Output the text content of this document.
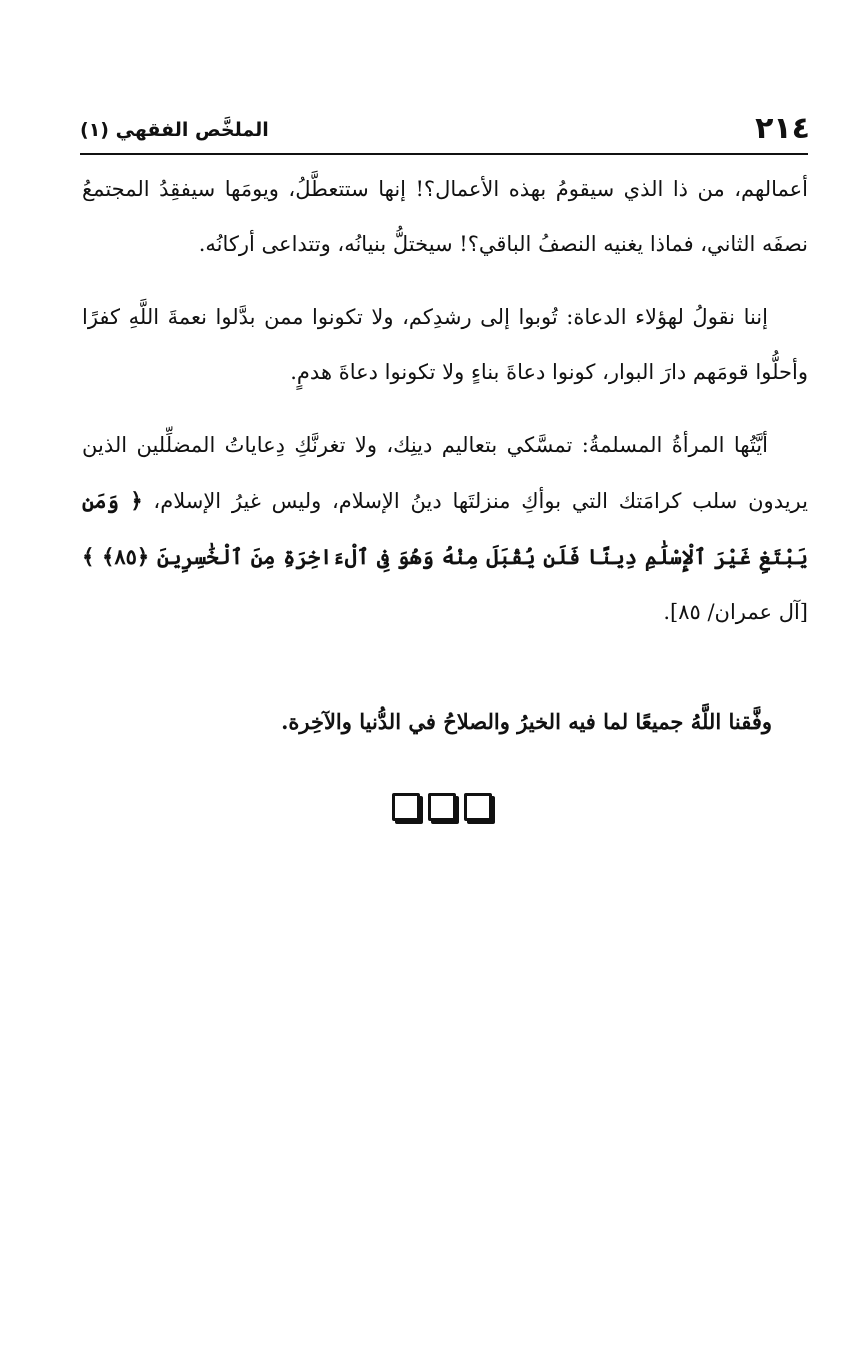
٢١٤
الملخَّص الفقهي (١)

أعمالهم، من ذا الذي سيقومُ بهذه الأعمال؟! إنها ستتعطَّلُ، ويومَها سيفقِدُ المجتمعُ نصفَه الثاني، فماذا يغنيه النصفُ الباقي؟! سيختلُّ بنيانُه، وتتداعى أركانُه.

إننا نقولُ لهؤلاء الدعاة: تُوبوا إلى رشدِكم، ولا تكونوا ممن بدَّلوا نعمةَ اللَّهِ كفرًا وأحلُّوا قومَهم دارَ البوار، كونوا دعاةَ بناءٍ ولا تكونوا دعاةَ هدمٍ.

أيَّتُها المرأةُ المسلمةُ: تمسَّكي بتعاليم دينِك، ولا تغرنَّكِ دِعاياتُ المضلِّلين الذين يريدون سلب كرامَتك التي بوأكِ منزلتَها دينُ الإسلام، وليس غيرُ الإسلام، ﴿ وَمَن يَبْتَغِ غَيْرَ ٱلْإِسْلَٰمِ دِينًا فَلَن يُقْبَلَ مِنْهُ وَهُوَ فِى ٱلْءَاخِرَةِ مِنَ ٱلْخَٰسِرِينَ ﴿٨٥﴾ ﴾ [آل عمران/ ٨٥].

وفَّقنا اللَّهُ جميعًا لما فيه الخيرُ والصلاحُ في الدُّنيا والآخِرة.
